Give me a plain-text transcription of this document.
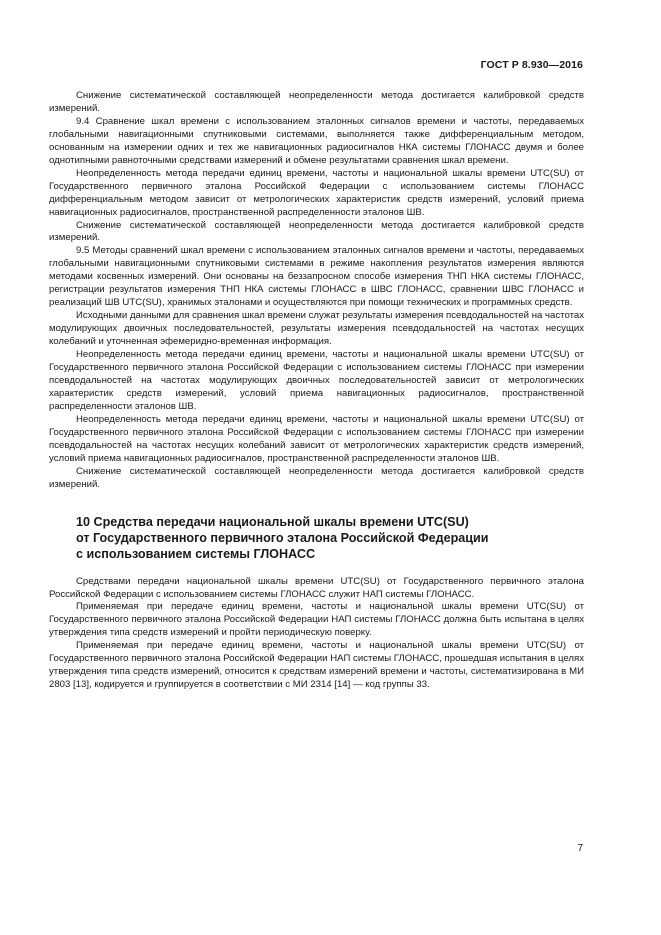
ГОСТ Р 8.930—2016

Снижение систематической составляющей неопределенности метода достигается калибровкой средств измерений.

9.4 Сравнение шкал времени с использованием эталонных сигналов времени и частоты, передаваемых глобальными навигационными спутниковыми системами, выполняется также дифференциальным методом, основанным на измерении одних и тех же навигационных радиосигналов НКА системы ГЛОНАСС двумя и более однотипными равноточными средствами измерений и обмене результатами сравнения шкал времени.

Неопределенность метода передачи единиц времени, частоты и национальной шкалы времени UTC(SU) от Государственного первичного эталона Российской Федерации с использованием системы ГЛОНАСС дифференциальным методом зависит от метрологических характеристик средств измерений, условий приема навигационных радиосигналов, пространственной распределенности эталонов ШВ.

Снижение систематической составляющей неопределенности метода достигается калибровкой средств измерений.

9.5 Методы сравнений шкал времени с использованием эталонных сигналов времени и частоты, передаваемых глобальными навигационными спутниковыми системами в режиме накопления результатов измерения являются методами косвенных измерений. Они основаны на беззапросном способе измерения ТНП НКА системы ГЛОНАСС, регистрации результатов измерения ТНП НКА системы ГЛОНАСС в ШВС ГЛОНАСС, сравнении ШВС ГЛОНАСС и реализаций ШВ UTC(SU), хранимых эталонами и осуществляются при помощи технических и программных средств.

Исходными данными для сравнения шкал времени служат результаты измерения псевдодальностей на частотах модулирующих двоичных последовательностей, результаты измерения псевдодальностей на частотах несущих колебаний и уточненная эфемеридно-временная информация.

Неопределенность метода передачи единиц времени, частоты и национальной шкалы времени UTC(SU) от Государственного первичного эталона Российской Федерации с использованием системы ГЛОНАСС при измерении псевдодальностей на частотах модулирующих двоичных последовательностей зависит от метрологических характеристик средств измерений, условий приема навигационных радиосигналов, пространственной распределенности эталонов ШВ.

Неопределенность метода передачи единиц времени, частоты и национальной шкалы времени UTC(SU) от Государственного первичного эталона Российской Федерации с использованием системы ГЛОНАСС при измерении псевдодальностей на частотах несущих колебаний зависит от метрологических характеристик средств измерений, условий приема навигационных радиосигналов, пространственной распределенности эталонов ШВ.

Снижение систематической составляющей неопределенности метода достигается калибровкой средств измерений.

10 Средства передачи национальной шкалы времени UTC(SU)
от Государственного первичного эталона Российской Федерации
с использованием системы ГЛОНАСС

Средствами передачи национальной шкалы времени UTC(SU) от Государственного первичного эталона Российской Федерации с использованием системы ГЛОНАСС служит НАП системы ГЛОНАСС.

Применяемая при передаче единиц времени, частоты и национальной шкалы времени UTC(SU) от Государственного первичного эталона Российской Федерации НАП системы ГЛОНАСС должна быть испытана в целях утверждения типа средств измерений и пройти периодическую поверку.

Применяемая при передаче единиц времени, частоты и национальной шкалы времени UTC(SU) от Государственного первичного эталона Российской Федерации НАП системы ГЛОНАСС, прошедшая испытания в целях утверждения типа средств измерений, относится к средствам измерений времени и частоты, систематизирована в МИ 2803 [13], кодируется и группируется в соответствии с МИ 2314 [14] — код группы 33.

7
